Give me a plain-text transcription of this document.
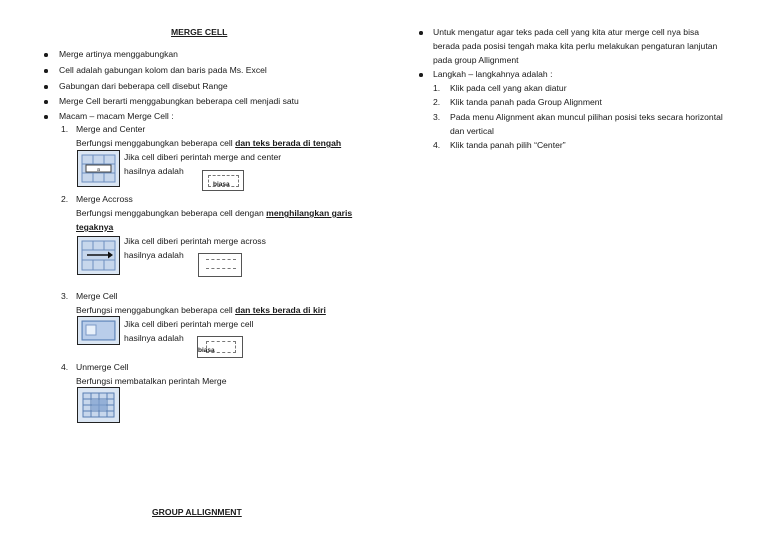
MERGE CELL
Merge artinya menggabungkan
Cell adalah gabungan kolom dan baris pada Ms. Excel
Gabungan dari beberapa cell disebut Range
Merge Cell berarti menggabungkan beberapa cell menjadi satu
Macam – macam Merge Cell :
1. Merge and Center
Berfungsi menggabungkan beberapa cell dan teks berada di tengah
a
Jika cell diberi perintah merge and center
hasilnya adalah
biasa
2. Merge Accross
Berfungsi menggabungkan beberapa cell dengan menghilangkan garis
tegaknya
Jika cell diberi perintah merge across
hasilnya adalah
3. Merge Cell
Berfungsi menggabungkan beberapa cell dan teks berada di kiri
Jika cell diberi perintah merge cell
hasilnya adalah
biasa
4. Unmerge Cell
Berfungsi membatalkan perintah Merge
GROUP ALLIGNMENT
Untuk mengatur agar teks pada cell yang kita atur merge cell nya bisa
berada pada posisi tengah maka kita perlu melakukan pengaturan lanjutan
pada group Allignment
Langkah – langkahnya adalah :
1. Klik pada cell yang akan diatur
2. Klik tanda panah pada Group Alignment
3. Pada menu Alignment akan muncul pilihan posisi teks secara horizontal
dan vertical
4. Klik tanda panah pilih “Center”
